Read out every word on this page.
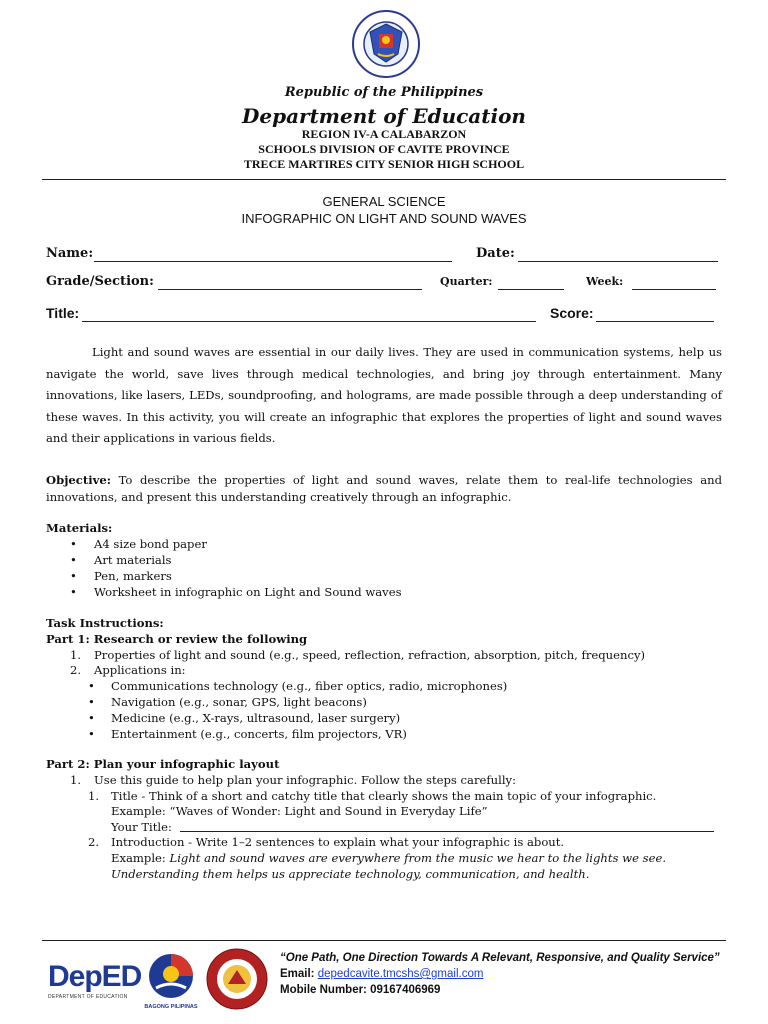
Republic of the Philippines
Department of Education
REGION IV-A CALABARZON
SCHOOLS DIVISION OF CAVITE PROVINCE
TRECE MARTIRES CITY SENIOR HIGH SCHOOL
GENERAL SCIENCE
INFOGRAPHIC ON LIGHT AND SOUND WAVES
Name:	Date:
Grade/Section:	Quarter:	Week:
Title:	Score:
Light and sound waves are essential in our daily lives. They are used in communication systems, help us navigate the world, save lives through medical technologies, and bring joy through entertainment. Many innovations, like lasers, LEDs, soundproofing, and holograms, are made possible through a deep understanding of these waves. In this activity, you will create an infographic that explores the properties of light and sound waves and their applications in various fields.
Objective: To describe the properties of light and sound waves, relate them to real-life technologies and innovations, and present this understanding creatively through an infographic.
Materials:
• A4 size bond paper
• Art materials
• Pen, markers
• Worksheet in infographic on Light and Sound waves
Task Instructions:
Part 1: Research or review the following
1. Properties of light and sound (e.g., speed, reflection, refraction, absorption, pitch, frequency)
2. Applications in:
• Communications technology (e.g., fiber optics, radio, microphones)
• Navigation (e.g., sonar, GPS, light beacons)
• Medicine (e.g., X-rays, ultrasound, laser surgery)
• Entertainment (e.g., concerts, film projectors, VR)
Part 2: Plan your infographic layout
1. Use this guide to help plan your infographic. Follow the steps carefully:
1. Title - Think of a short and catchy title that clearly shows the main topic of your infographic.
Example: “Waves of Wonder: Light and Sound in Everyday Life”
Your Title:
2. Introduction - Write 1–2 sentences to explain what your infographic is about.
Example: Light and sound waves are everywhere from the music we hear to the lights we see.
Understanding them helps us appreciate technology, communication, and health.
DepED
DEPARTMENT OF EDUCATION
BAGONG PILIPINAS
“One Path, One Direction Towards A Relevant, Responsive, and Quality Service”
Email: depedcavite.tmcshs@gmail.com
Mobile Number: 09167406969
